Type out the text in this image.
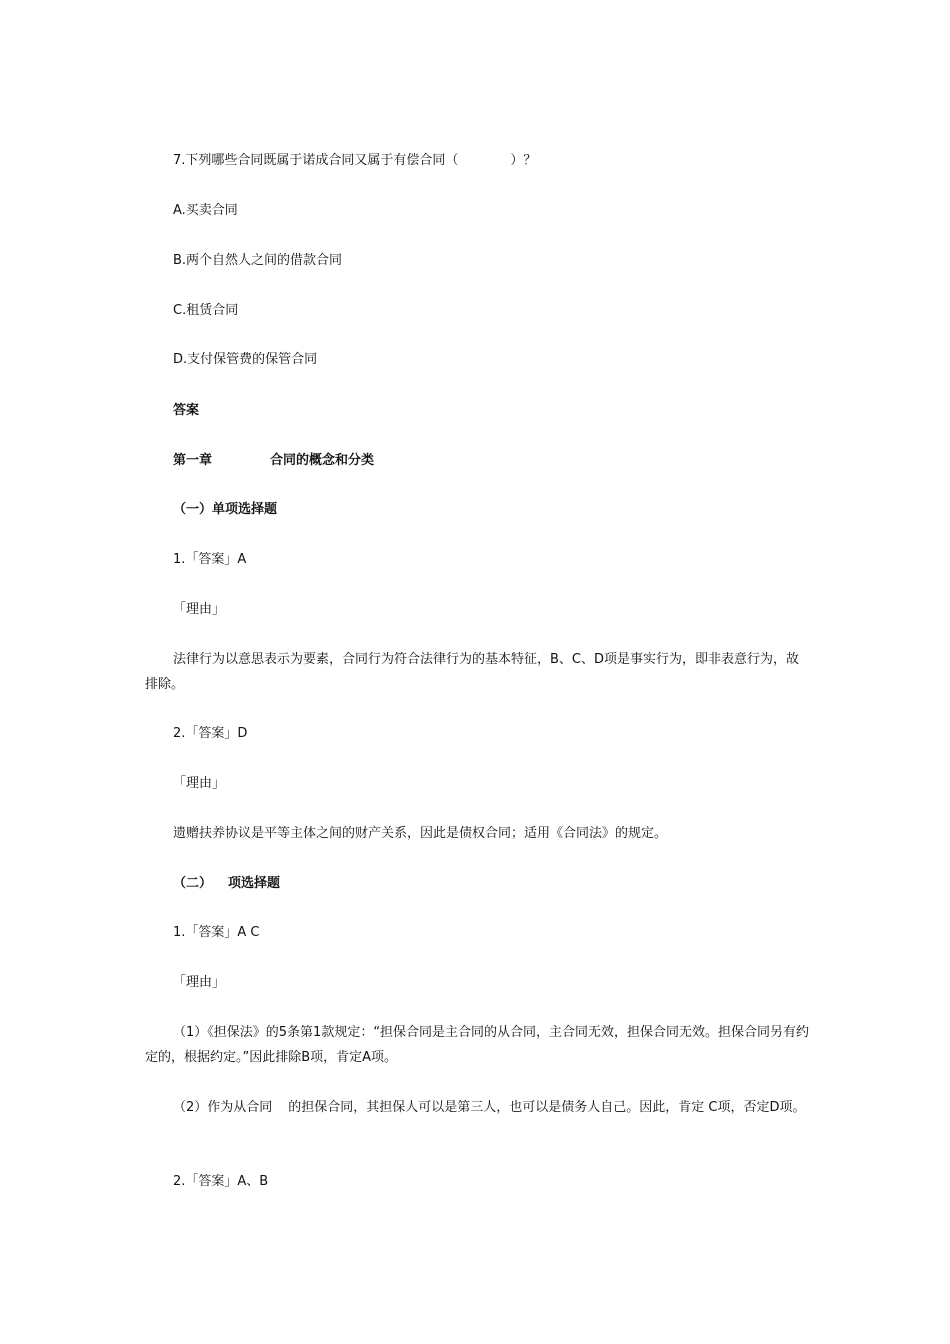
7.下列哪些合同既属于诺成合同又属于有偿合同（	）？
A.买卖合同
B.两个自然人之间的借款合同
C.租赁合同
D.支付保管费的保管合同
答案
第一章	合同的概念和分类
（一）单项选择题
1.「答案」A
「理由」
法律行为以意思表示为要素，合同行为符合法律行为的基本特征，B、C、D项是事实行为，即非表意行为，故排除。
2.「答案」D
「理由」
遗赠扶养协议是平等主体之间的财产关系，因此是债权合同；适用《合同法》的规定。
（二） 项选择题
1.「答案」A C
「理由」
（1）《担保法》的5条第1款规定：“担保合同是主合同的从合同，主合同无效，担保合同无效。担保合同另有约定的，根据约定。”因此排除B项，肯定A项。
（2）作为从合同 的担保合同，其担保人可以是第三人，也可以是债务人自己。因此，肯定 C项，否定D项。
2.「答案」A、B
